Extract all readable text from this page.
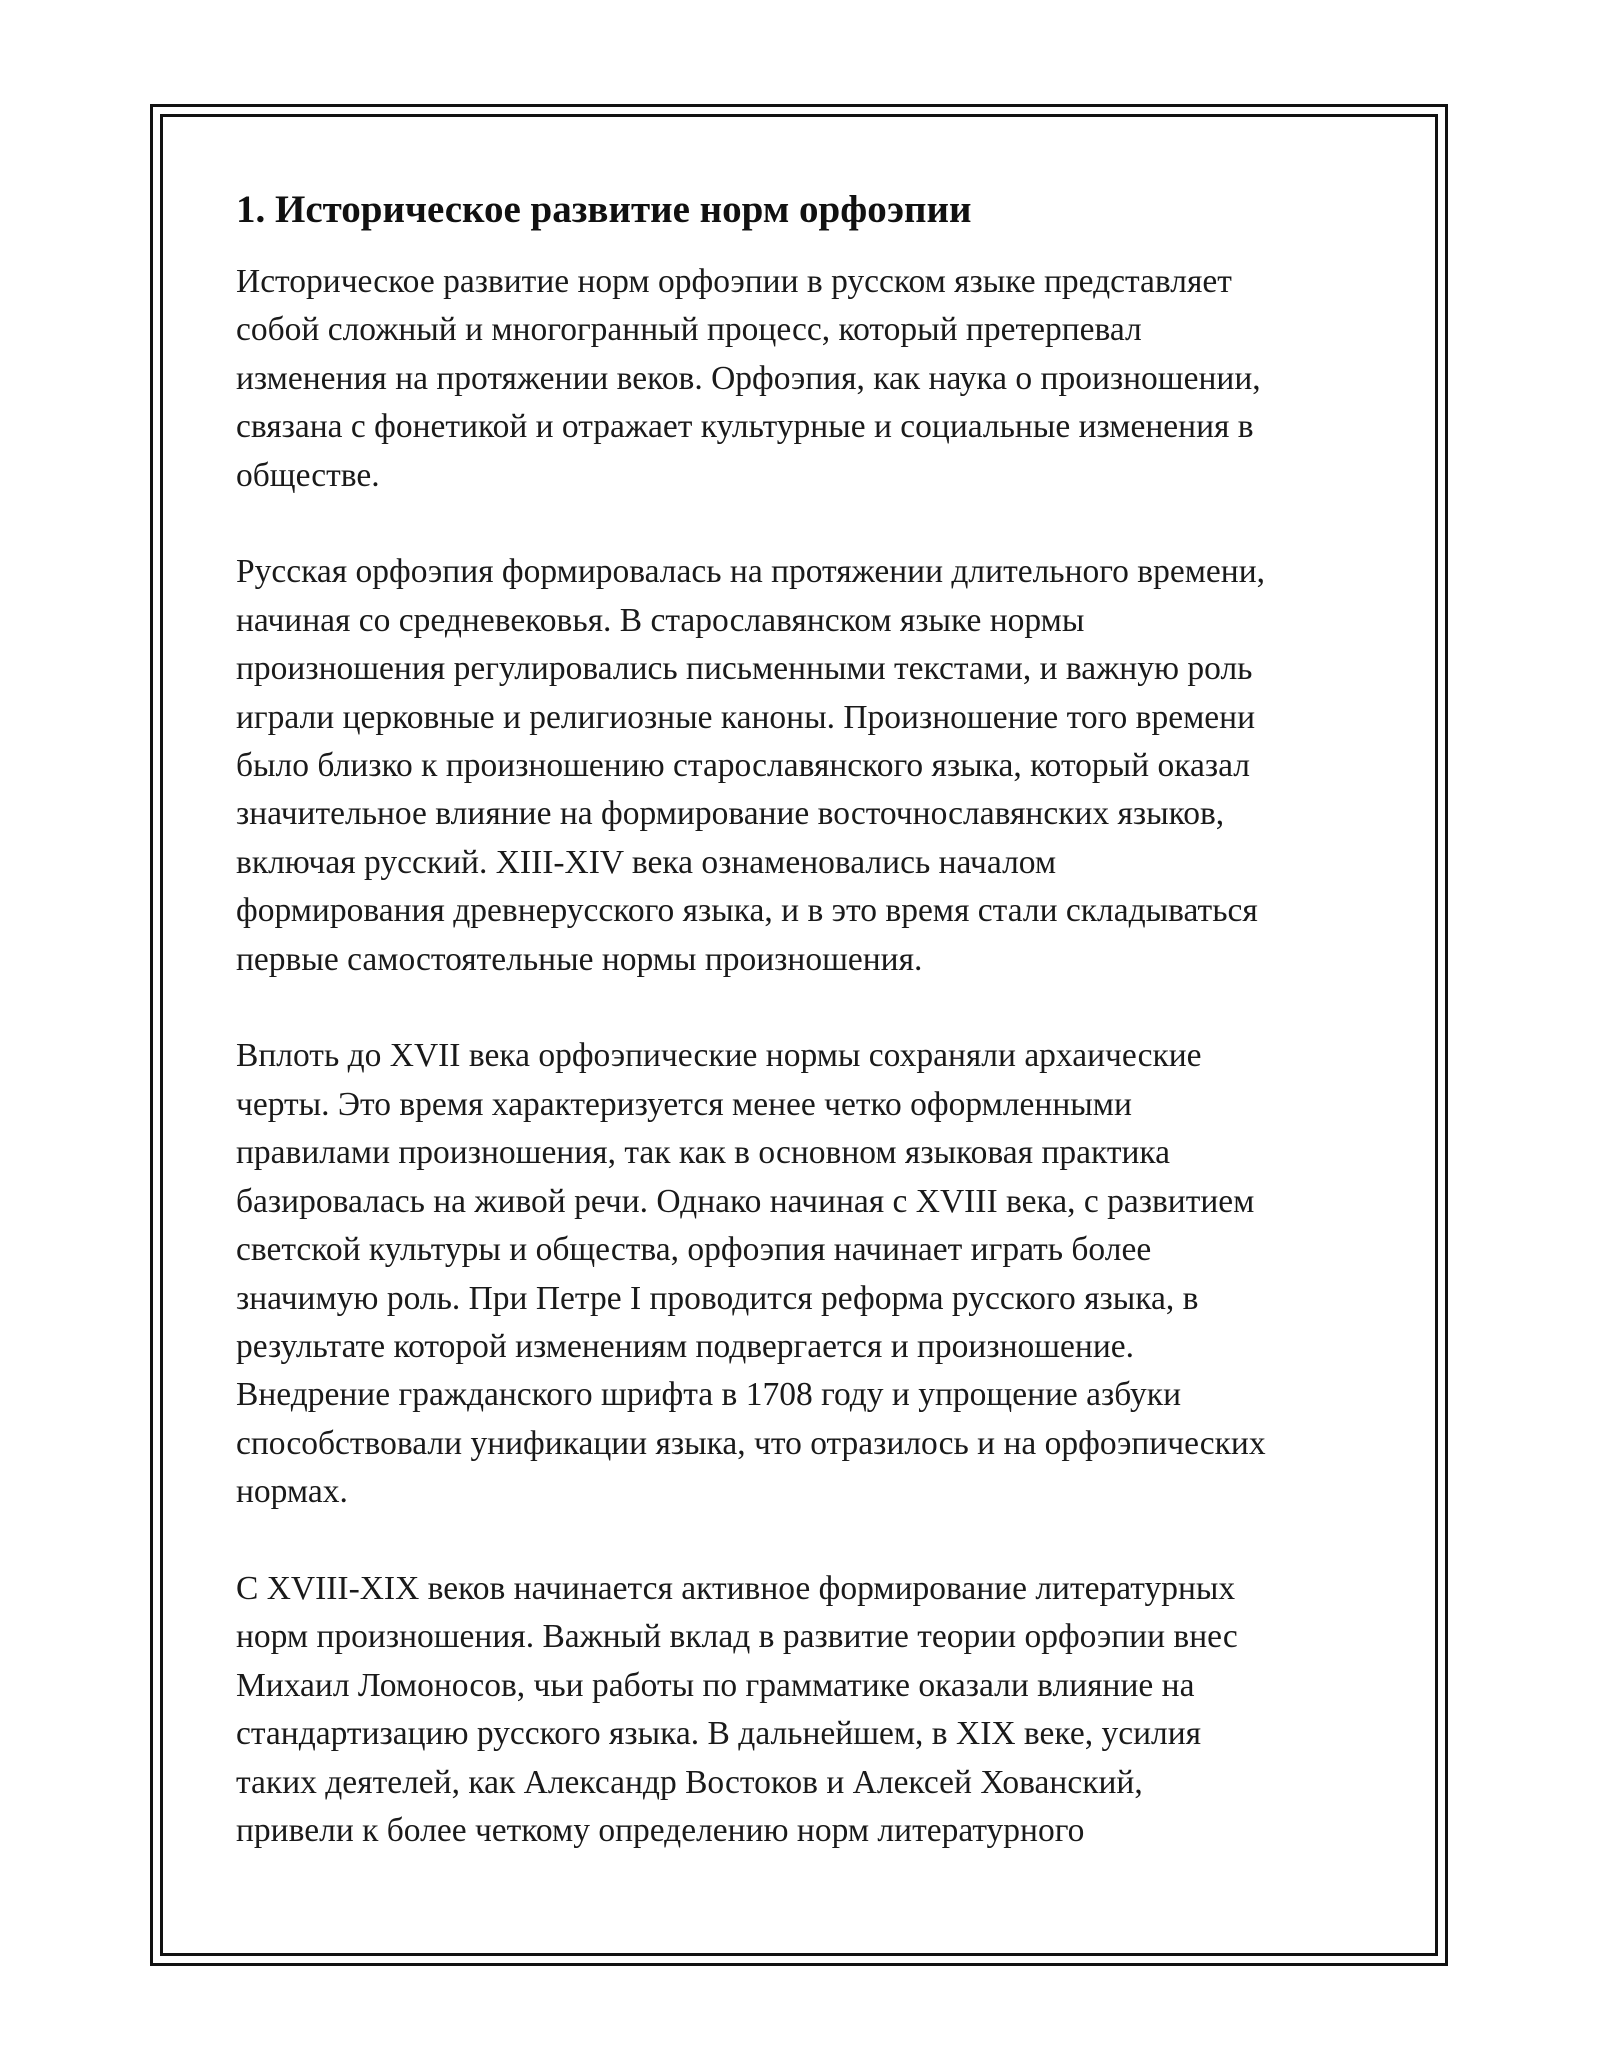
1. Историческое развитие норм орфоэпии

Историческое развитие норм орфоэпии в русском языке представляет
собой сложный и многогранный процесс, который претерпевал
изменения на протяжении веков. Орфоэпия, как наука о произношении,
связана с фонетикой и отражает культурные и социальные изменения в
обществе.

Русская орфоэпия формировалась на протяжении длительного времени,
начиная со средневековья. В старославянском языке нормы
произношения регулировались письменными текстами, и важную роль
играли церковные и религиозные каноны. Произношение того времени
было близко к произношению старославянского языка, который оказал
значительное влияние на формирование восточнославянских языков,
включая русский. XIII-XIV века ознаменовались началом
формирования древнерусского языка, и в это время стали складываться
первые самостоятельные нормы произношения.

Вплоть до XVII века орфоэпические нормы сохраняли архаические
черты. Это время характеризуется менее четко оформленными
правилами произношения, так как в основном языковая практика
базировалась на живой речи. Однако начиная с XVIII века, с развитием
светской культуры и общества, орфоэпия начинает играть более
значимую роль. При Петре I проводится реформа русского языка, в
результате которой изменениям подвергается и произношение.
Внедрение гражданского шрифта в 1708 году и упрощение азбуки
способствовали унификации языка, что отразилось и на орфоэпических
нормах.

С XVIII-XIX веков начинается активное формирование литературных
норм произношения. Важный вклад в развитие теории орфоэпии внес
Михаил Ломоносов, чьи работы по грамматике оказали влияние на
стандартизацию русского языка. В дальнейшем, в XIX веке, усилия
таких деятелей, как Александр Востоков и Алексей Хованский,
привели к более четкому определению норм литературного
